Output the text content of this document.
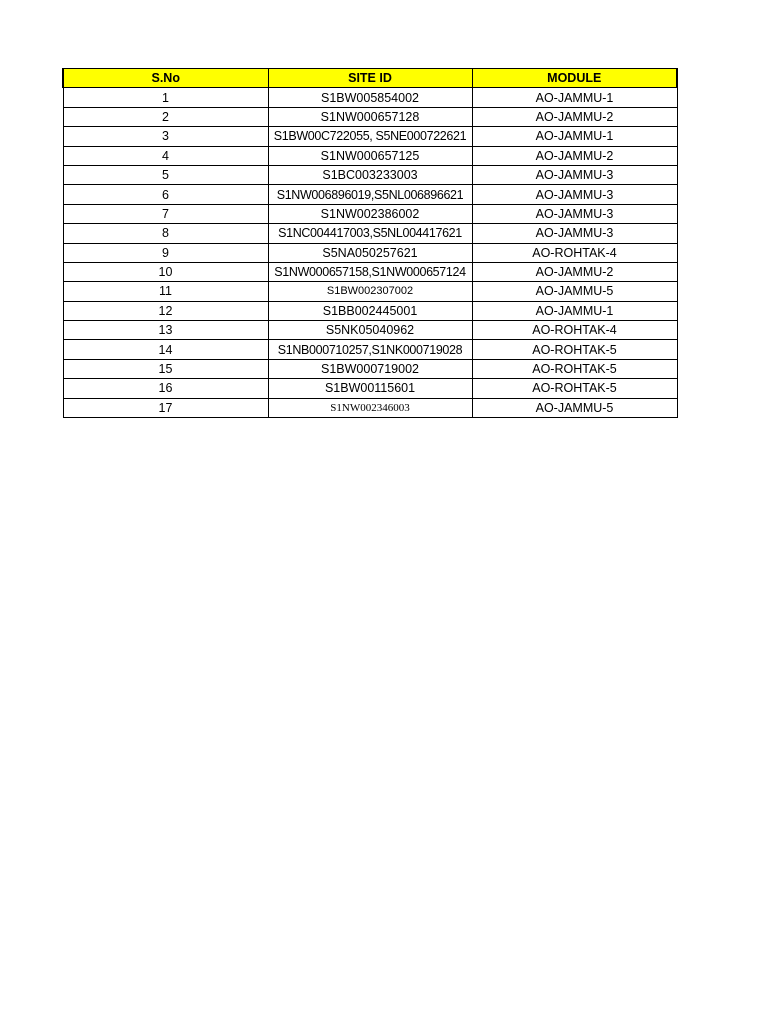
S.No	SITE ID	MODULE
1	S1BW005854002	AO-JAMMU-1
2	S1NW000657128	AO-JAMMU-2
3	S1BW00C722055, S5NE000722621	AO-JAMMU-1
4	S1NW000657125	AO-JAMMU-2
5	S1BC003233003	AO-JAMMU-3
6	S1NW006896019,S5NL006896621	AO-JAMMU-3
7	S1NW002386002	AO-JAMMU-3
8	S1NC004417003,S5NL004417621	AO-JAMMU-3
9	S5NA050257621	AO-ROHTAK-4
10	S1NW000657158,S1NW000657124	AO-JAMMU-2
11	S1BW002307002	AO-JAMMU-5
12	S1BB002445001	AO-JAMMU-1
13	S5NK05040962	AO-ROHTAK-4
14	S1NB000710257,S1NK000719028	AO-ROHTAK-5
15	S1BW000719002	AO-ROHTAK-5
16	S1BW00115601	AO-ROHTAK-5
17	S1NW002346003	AO-JAMMU-5
